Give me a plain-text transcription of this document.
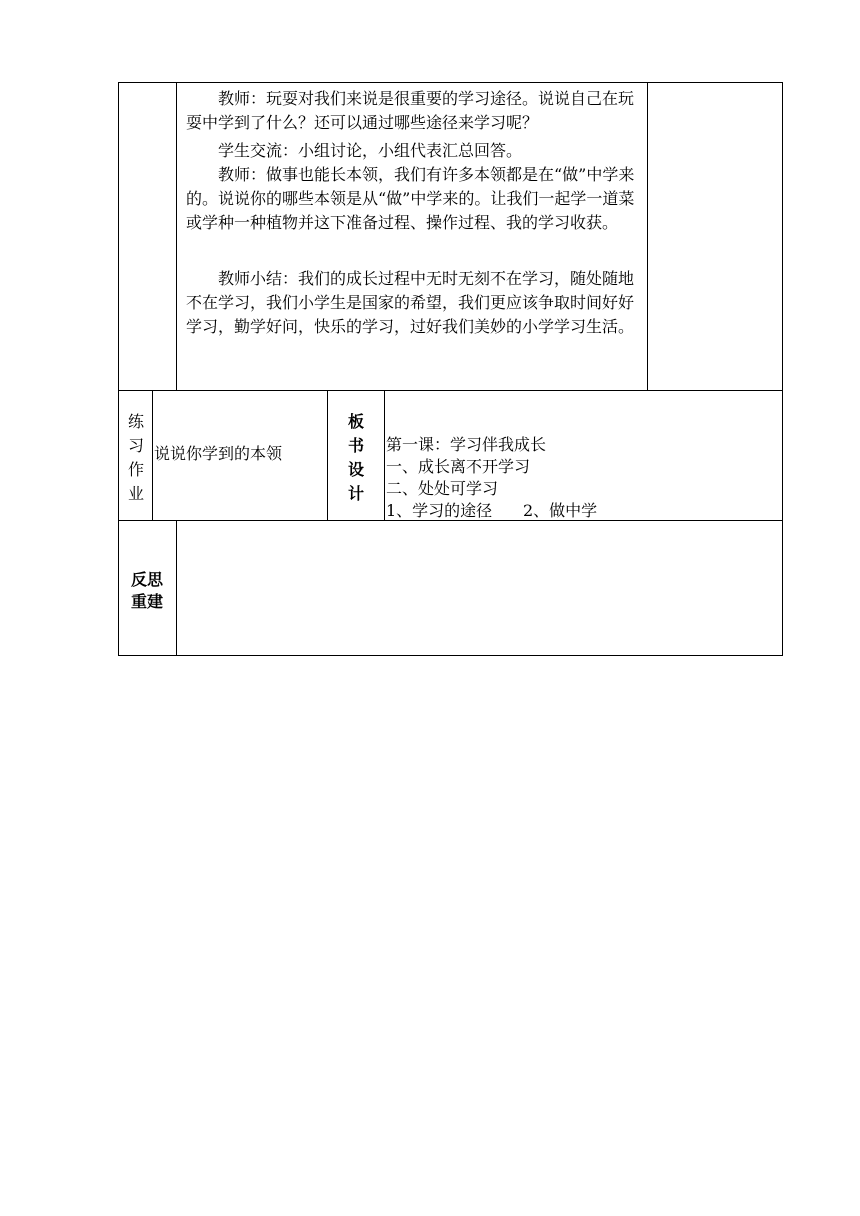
教师：玩耍对我们来说是很重要的学习途径。说说自己在玩耍中学到了什么？还可以通过哪些途径来学习呢？

学生交流：小组讨论，小组代表汇总回答。

教师：做事也能长本领，我们有许多本领都是在“做”中学来的。说说你的哪些本领是从“做”中学来的。让我们一起学一道菜或学种一种植物并这下准备过程、操作过程、我的学习收获。

教师小结：我们的成长过程中无时无刻不在学习，随处随地不在学习，我们小学生是国家的希望，我们更应该争取时间好好学习，勤学好问，快乐的学习，过好我们美妙的小学学习生活。

练
习
作
业
说说你学到的本领
板
书
设
计
第一课：学习伴我成长
一、成长离不开学习
二、处处可学习
1、学习的途径 2、做中学
反思
重建
